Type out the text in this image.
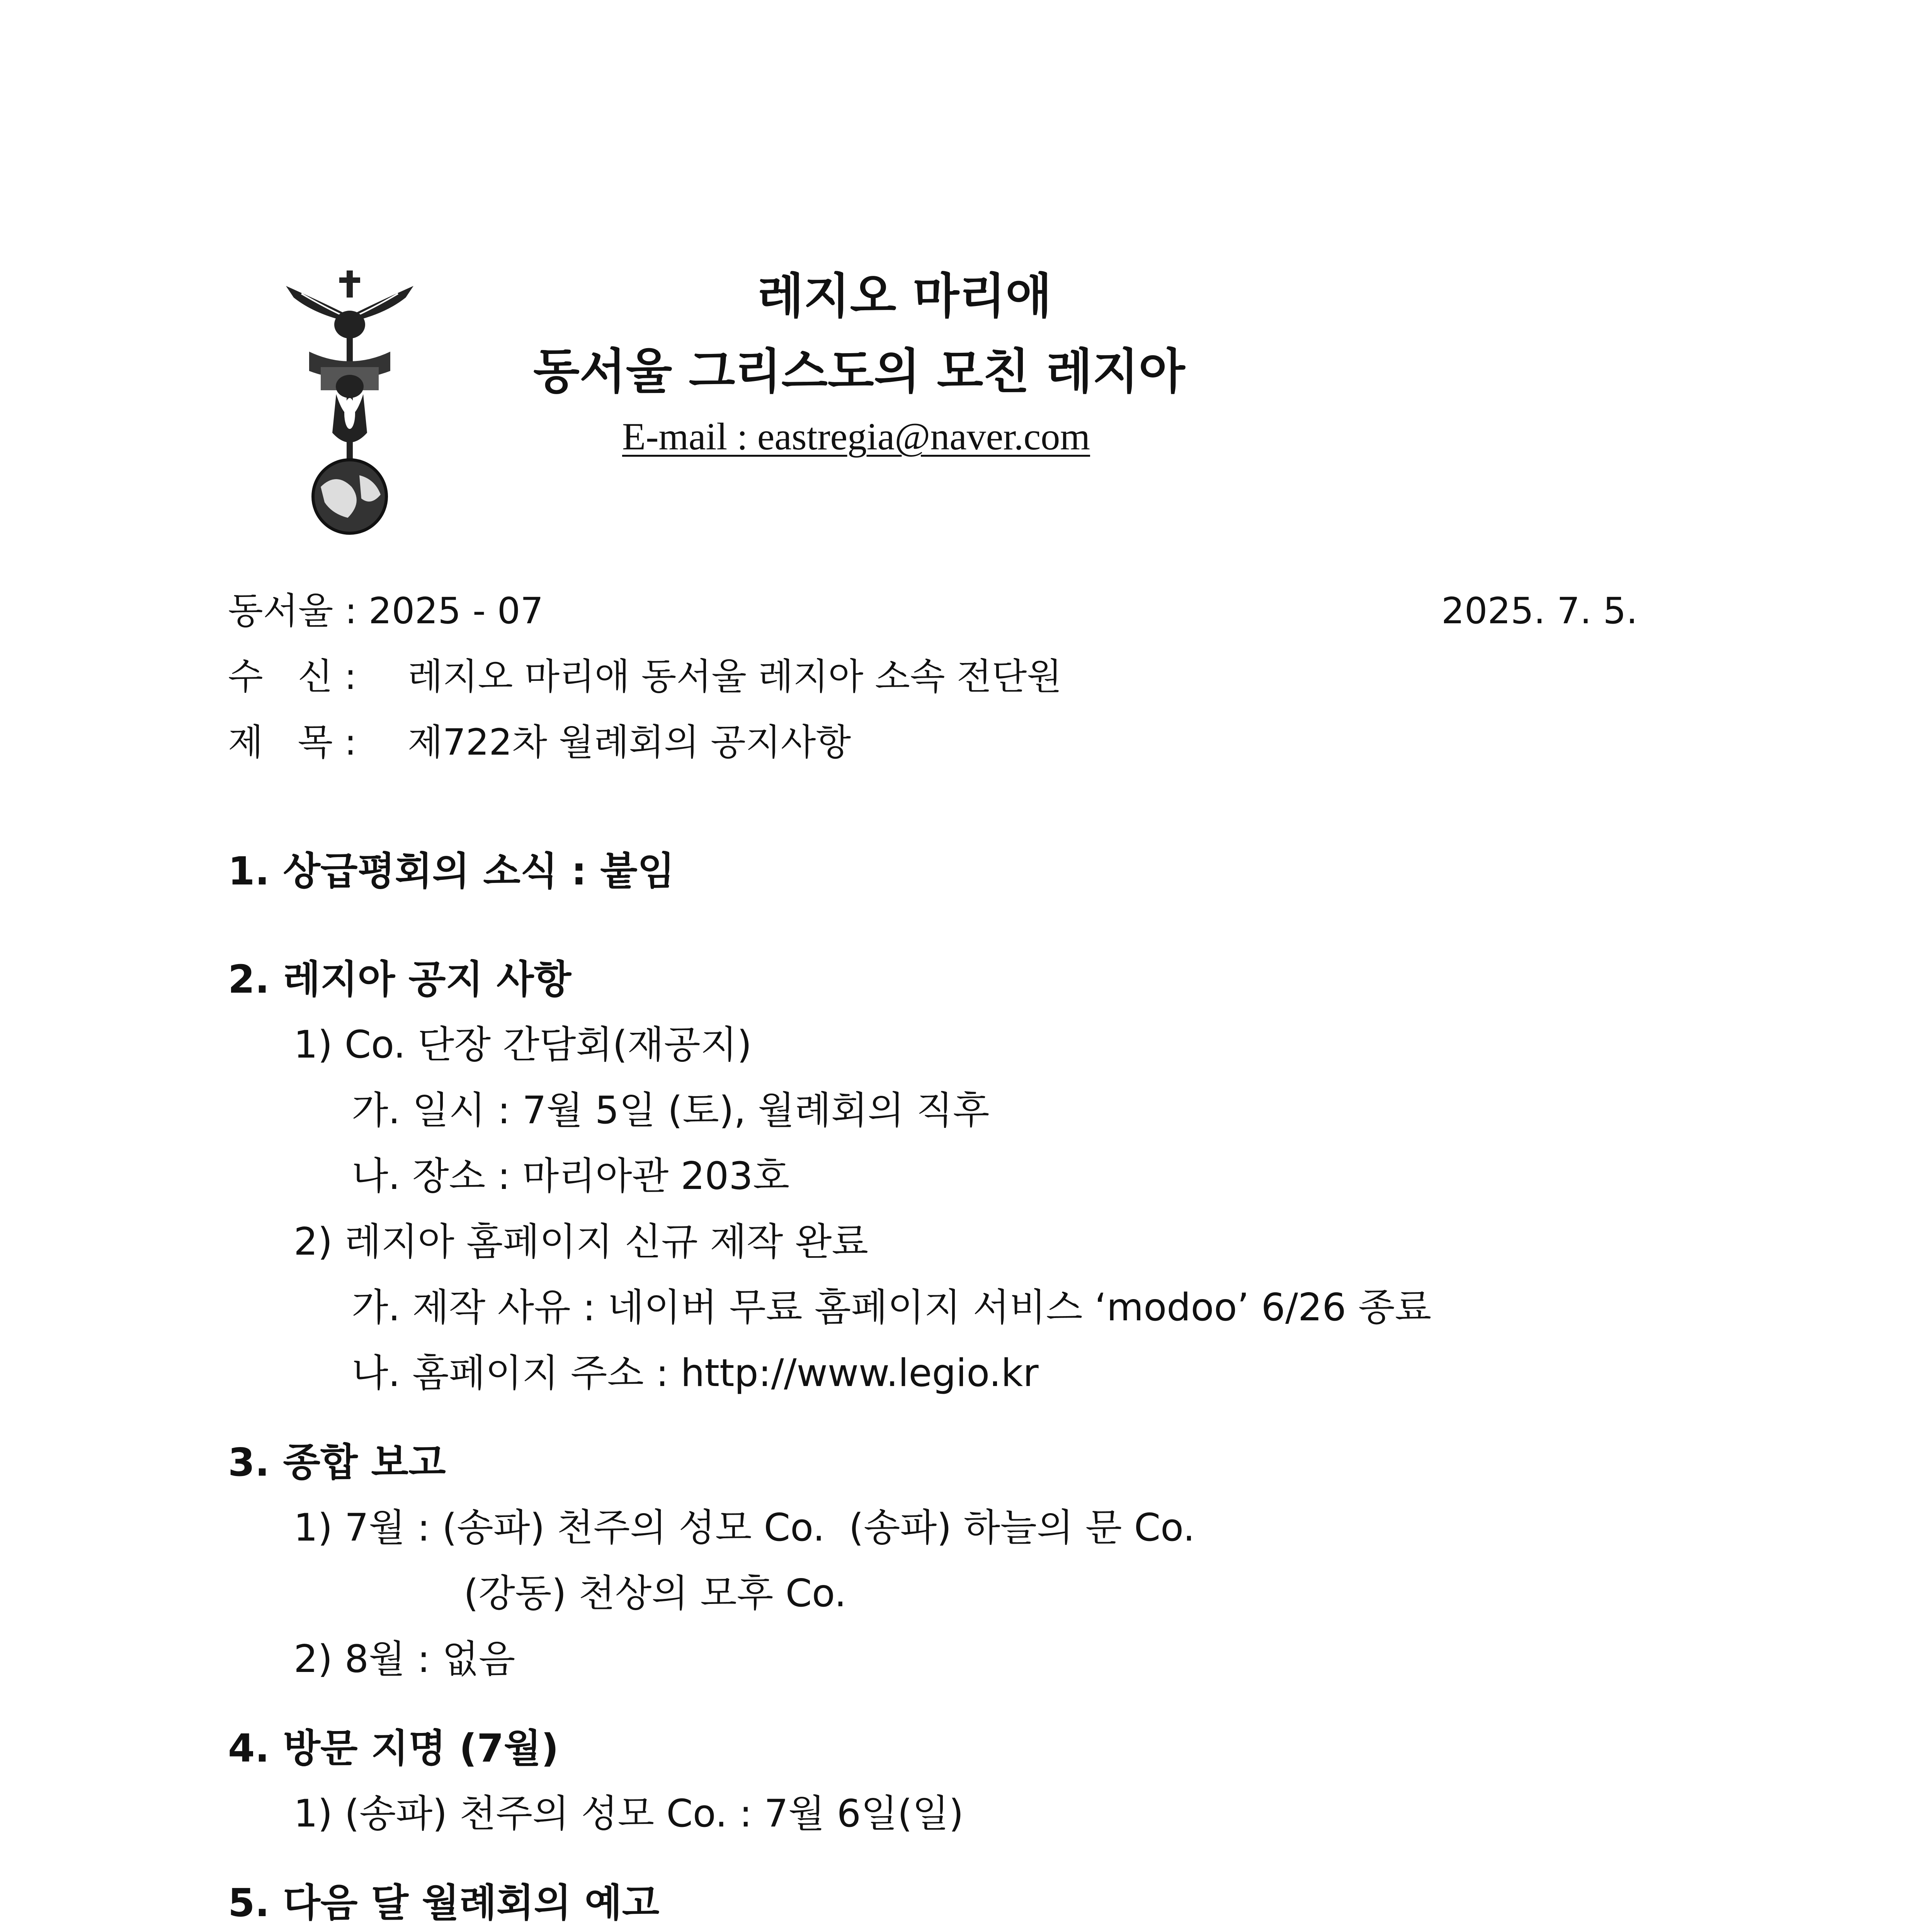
레지오 마리애
동서울 그리스도의 모친 레지아
E-mail : eastregia@naver.com
동서울 : 2025 - 07	2025. 7. 5.
수   신 : 레지오 마리애 동서울 레지아 소속 전단원
제   목 : 제722차 월례회의 공지사항
1. 상급평회의 소식 : 붙임
2. 레지아 공지 사항
1) Co. 단장 간담회(재공지)
가. 일시 : 7월 5일 (토), 월례회의 직후
나. 장소 : 마리아관 203호
2) 레지아 홈페이지 신규 제작 완료
가. 제작 사유 : 네이버 무료 홈페이지 서비스 ‘modoo’ 6/26 종료
나. 홈페이지 주소 : http://www.legio.kr
3. 종합 보고
1) 7월 : (송파) 천주의 성모 Co.  (송파) 하늘의 문 Co.
(강동) 천상의 모후 Co.
2) 8월 : 없음
4. 방문 지명 (7월)
1) (송파) 천주의 성모 Co. : 7월 6일(일)
5. 다음 달 월례회의 예고
